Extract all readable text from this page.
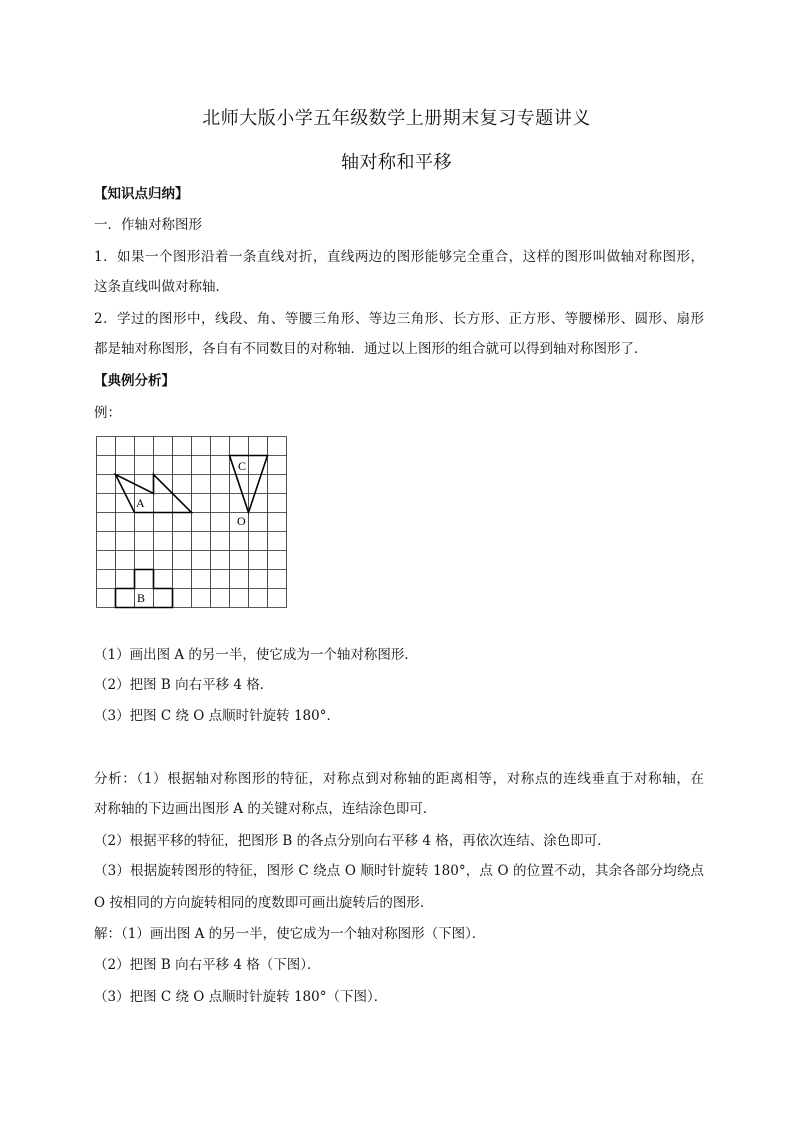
北师大版小学五年级数学上册期末复习专题讲义
轴对称和平移
【知识点归纳】
一．作轴对称图形
1．如果一个图形沿着一条直线对折，直线两边的图形能够完全重合，这样的图形叫做轴对称图形，
这条直线叫做对称轴．
2．学过的图形中，线段、角、等腰三角形、等边三角形、长方形、正方形、等腰梯形、圆形、扇形
都是轴对称图形，各自有不同数目的对称轴．通过以上图形的组合就可以得到轴对称图形了．
【典例分析】
例：
A
C
O
B
（1）画出图 A 的另一半，使它成为一个轴对称图形．
（2）把图 B 向右平移 4 格．
（3）把图 C 绕 O 点顺时针旋转 180°．
分析：（1）根据轴对称图形的特征，对称点到对称轴的距离相等，对称点的连线垂直于对称轴，在
对称轴的下边画出图形 A 的关键对称点，连结涂色即可．
（2）根据平移的特征，把图形 B 的各点分别向右平移 4 格，再依次连结、涂色即可．
（3）根据旋转图形的特征，图形 C 绕点 O 顺时针旋转 180°，点 O 的位置不动，其余各部分均绕点
O 按相同的方向旋转相同的度数即可画出旋转后的图形．
解：（1）画出图 A 的另一半，使它成为一个轴对称图形（下图）．
（2）把图 B 向右平移 4 格（下图）．
（3）把图 C 绕 O 点顺时针旋转 180°（下图）．
